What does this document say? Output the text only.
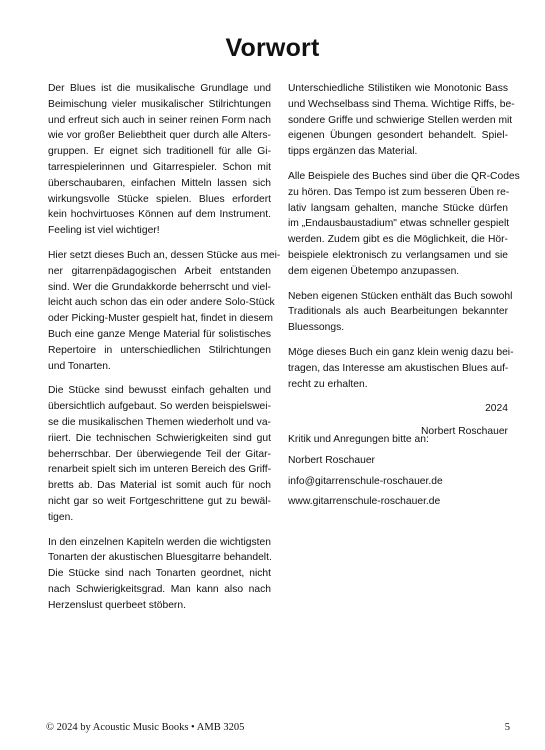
Vorwort
Der Blues ist die musikalische Grundlage und
Beimischung vieler musikalischer Stilrichtungen
und erfreut sich auch in seiner reinen Form nach
wie vor großer Beliebtheit quer durch alle Alters-
gruppen. Er eignet sich traditionell für alle Gi-
tarrespielerinnen und Gitarrespieler. Schon mit
überschaubaren, einfachen Mitteln lassen sich
wirkungsvolle Stücke spielen. Blues erfordert
kein hochvirtuoses Können auf dem Instrument.
Feeling ist viel wichtiger!
Hier setzt dieses Buch an, dessen Stücke aus mei-
ner gitarrenpädagogischen Arbeit entstanden
sind. Wer die Grundakkorde beherrscht und viel-
leicht auch schon das ein oder andere Solo-Stück
oder Picking-Muster gespielt hat, findet in diesem
Buch eine ganze Menge Material für solistisches
Repertoire in unterschiedlichen Stilrichtungen
und Tonarten.
Die Stücke sind bewusst einfach gehalten und
übersichtlich aufgebaut. So werden beispielswei-
se die musikalischen Themen wiederholt und va-
riiert. Die technischen Schwierigkeiten sind gut
beherrschbar. Der überwiegende Teil der Gitar-
renarbeit spielt sich im unteren Bereich des Griff-
bretts ab. Das Material ist somit auch für noch
nicht gar so weit Fortgeschrittene gut zu bewäl-
tigen.
In den einzelnen Kapiteln werden die wichtigsten
Tonarten der akustischen Bluesgitarre behandelt.
Die Stücke sind nach Tonarten geordnet, nicht
nach Schwierigkeitsgrad. Man kann also nach
Herzenslust querbeet stöbern.
Unterschiedliche Stilistiken wie Monotonic Bass
und Wechselbass sind Thema. Wichtige Riffs, be-
sondere Griffe und schwierige Stellen werden mit
eigenen Übungen gesondert behandelt. Spiel-
tipps ergänzen das Material.
Alle Beispiele des Buches sind über die QR-Codes
zu hören. Das Tempo ist zum besseren Üben re-
lativ langsam gehalten, manche Stücke dürfen
im „Endausbaustadium" etwas schneller gespielt
werden. Zudem gibt es die Möglichkeit, die Hör-
beispiele elektronisch zu verlangsamen und sie
dem eigenen Übetempo anzupassen.
Neben eigenen Stücken enthält das Buch sowohl
Traditionals als auch Bearbeitungen bekannter
Bluessongs.
Möge dieses Buch ein ganz klein wenig dazu bei-
tragen, das Interesse am akustischen Blues auf-
recht zu erhalten.

2024

Norbert Roschauer

Kritik und Anregungen bitte an:

Norbert Roschauer

info@gitarrenschule-roschauer.de

www.gitarrenschule-roschauer.de

© 2024 by Acoustic Music Books • AMB 3205	5
